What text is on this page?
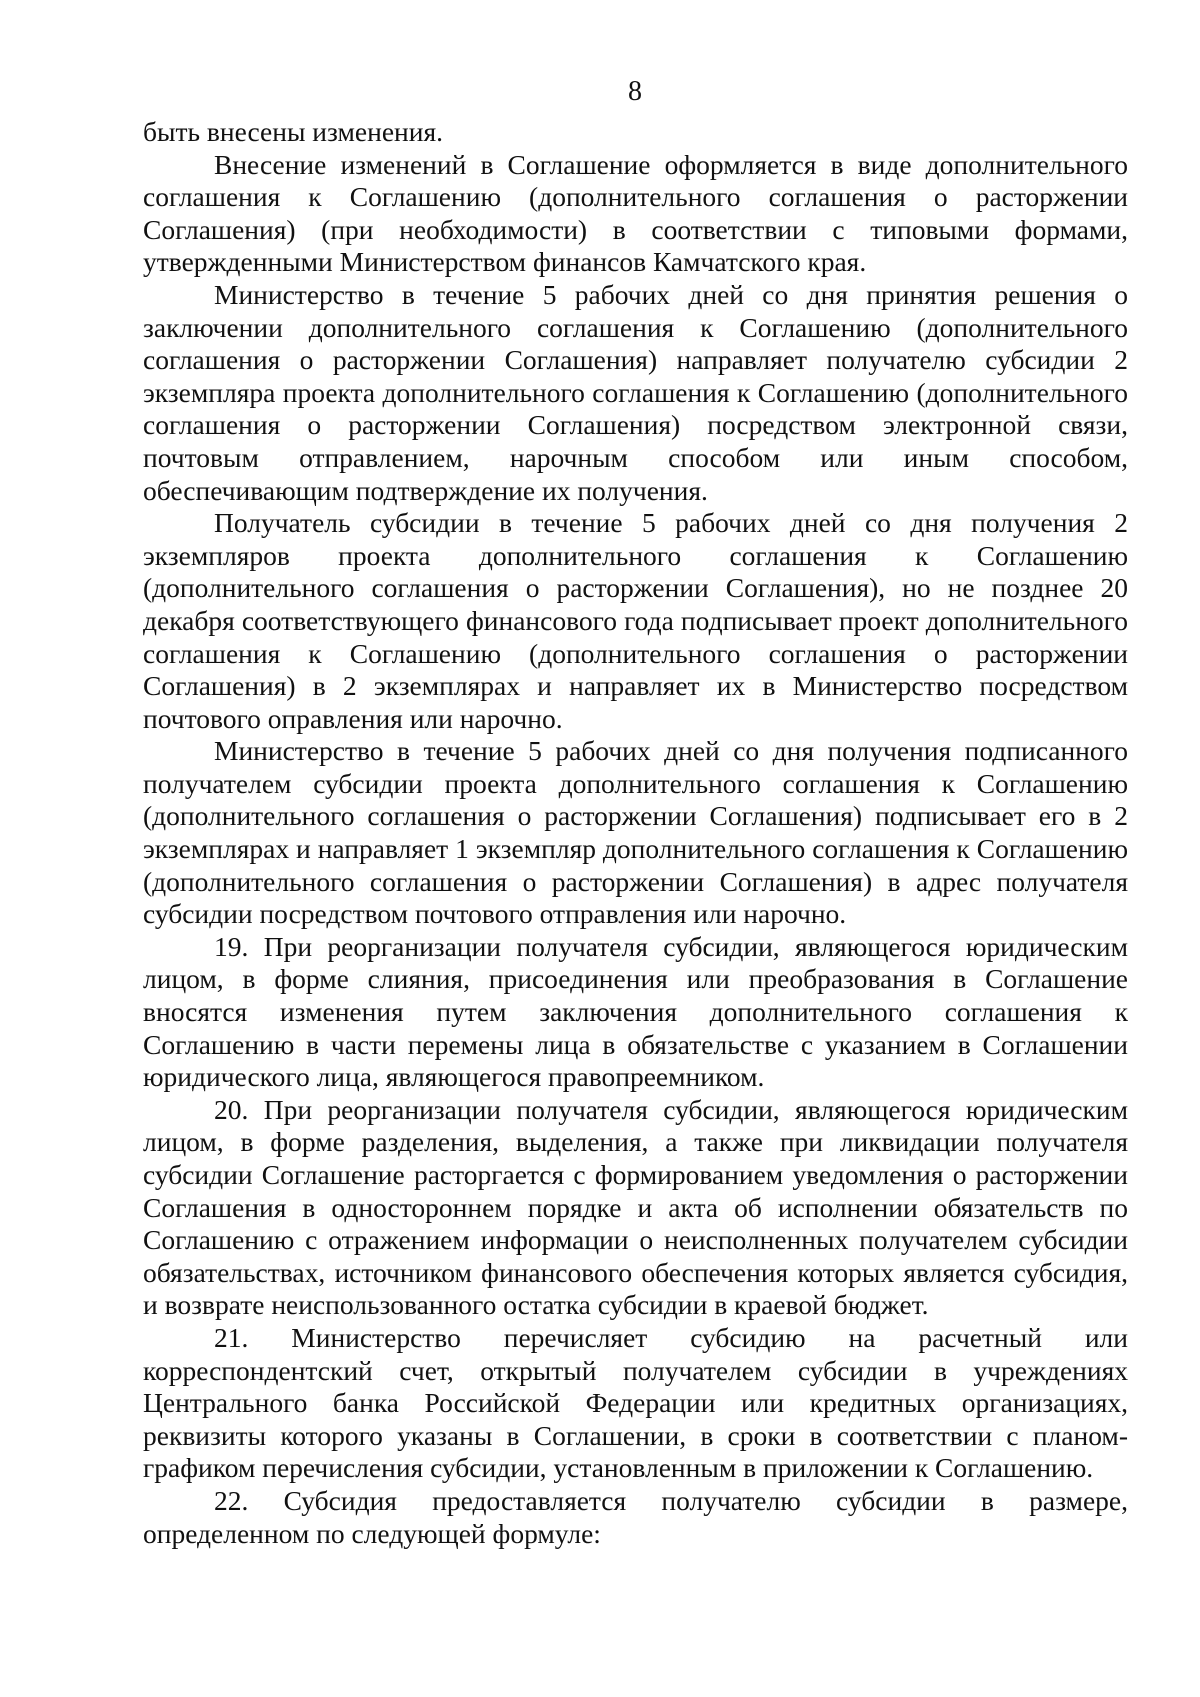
8

быть внесены изменения.

Внесение изменений в Соглашение оформляется в виде дополнительного соглашения к Соглашению (дополнительного соглашения о расторжении Соглашения) (при необходимости) в соответствии с типовыми формами, утвержденными Министерством финансов Камчатского края.

Министерство в течение 5 рабочих дней со дня принятия решения о заключении дополнительного соглашения к Соглашению (дополнительного соглашения о расторжении Соглашения) направляет получателю субсидии 2 экземпляра проекта дополнительного соглашения к Соглашению (дополнительного соглашения о расторжении Соглашения) посредством электронной связи, почтовым отправлением, нарочным способом или иным способом, обеспечивающим подтверждение их получения.

Получатель субсидии в течение 5 рабочих дней со дня получения 2 экземпляров проекта дополнительного соглашения к Соглашению (дополнительного соглашения о расторжении Соглашения), но не позднее 20 декабря соответствующего финансового года подписывает проект дополнительного соглашения к Соглашению (дополнительного соглашения о расторжении Соглашения) в 2 экземплярах и направляет их в Министерство посредством почтового оправления или нарочно.

Министерство в течение 5 рабочих дней со дня получения подписанного получателем субсидии проекта дополнительного соглашения к Соглашению (дополнительного соглашения о расторжении Соглашения) подписывает его в 2 экземплярах и направляет 1 экземпляр дополнительного соглашения к Соглашению (дополнительного соглашения о расторжении Соглашения) в адрес получателя субсидии посредством почтового отправления или нарочно.

19. При реорганизации получателя субсидии, являющегося юридическим лицом, в форме слияния, присоединения или преобразования в Соглашение вносятся изменения путем заключения дополнительного соглашения к Соглашению в части перемены лица в обязательстве с указанием в Соглашении юридического лица, являющегося правопреемником.

20. При реорганизации получателя субсидии, являющегося юридическим лицом, в форме разделения, выделения, а также при ликвидации получателя субсидии Соглашение расторгается с формированием уведомления о расторжении Соглашения в одностороннем порядке и акта об исполнении обязательств по Соглашению с отражением информации о неисполненных получателем субсидии обязательствах, источником финансового обеспечения которых является субсидия, и возврате неиспользованного остатка субсидии в краевой бюджет.

21. Министерство перечисляет субсидию на расчетный или корреспондентский счет, открытый получателем субсидии в учреждениях Центрального банка Российской Федерации или кредитных организациях, реквизиты которого указаны в Соглашении, в сроки в соответствии с планом-графиком перечисления субсидии, установленным в приложении к Соглашению.

22. Субсидия предоставляется получателю субсидии в размере, определенном по следующей формуле:
